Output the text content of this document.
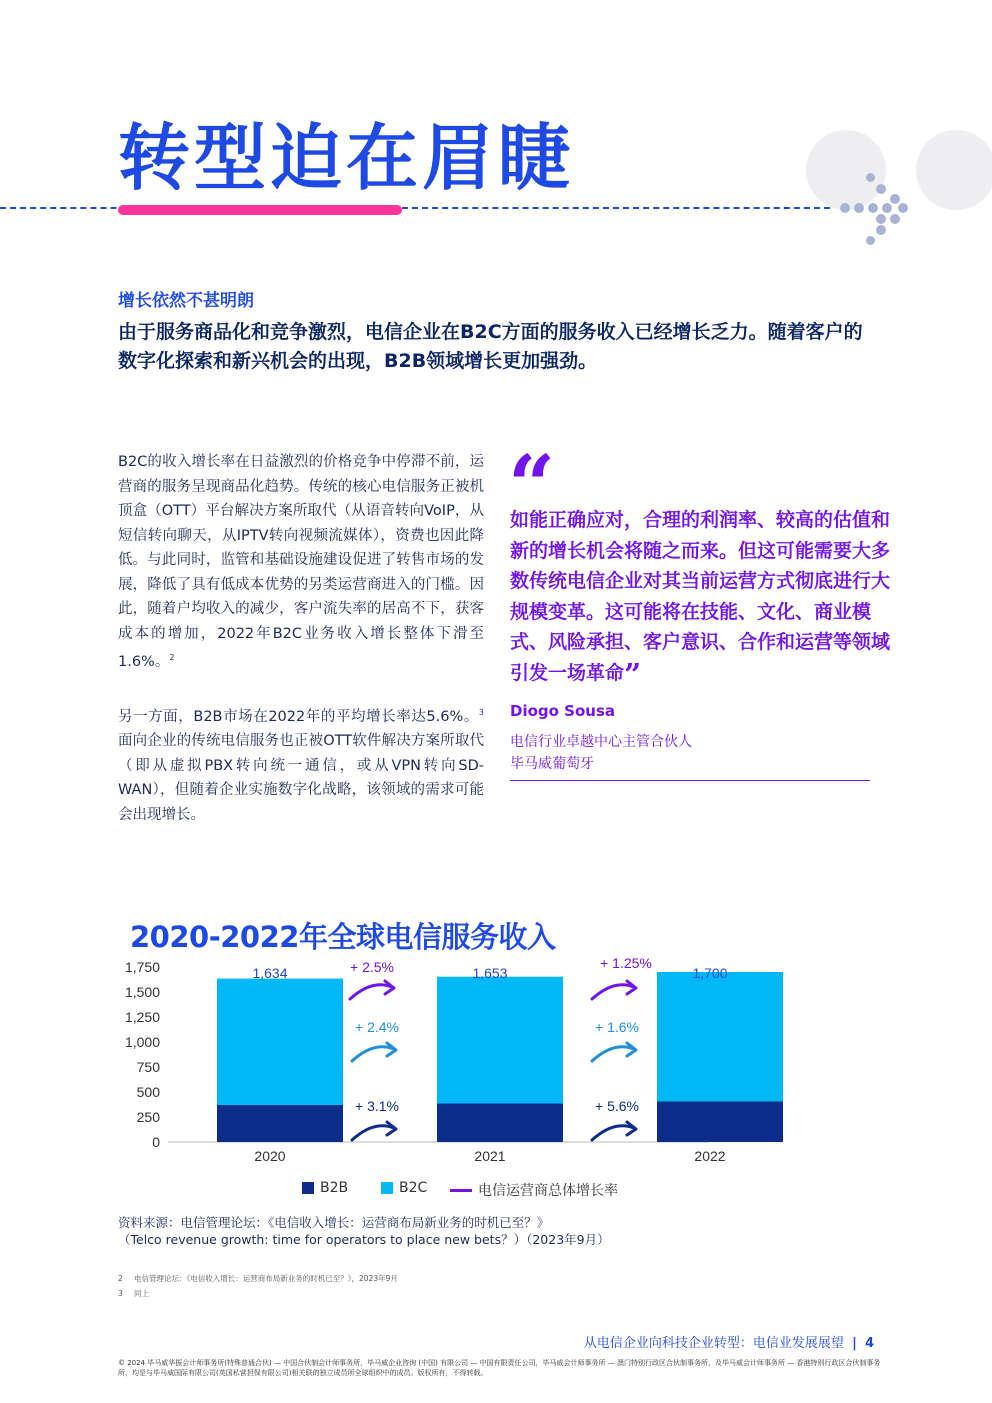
转型迫在眉睫
增长依然不甚明朗
由于服务商品化和竞争激烈，电信企业在B2C方面的服务收入已经增长乏力。随着客户的数字化探索和新兴机会的出现，B2B领域增长更加强劲。
B2C的收入增长率在日益激烈的价格竞争中停滞不前，运营商的服务呈现商品化趋势。传统的核心电信服务正被机顶盒（OTT）平台解决方案所取代（从语音转向VoIP，从短信转向聊天，从IPTV转向视频流媒体），资费也因此降低。与此同时，监管和基础设施建设促进了转售市场的发展，降低了具有低成本优势的另类运营商进入的门槛。因此，随着户均收入的减少，客户流失率的居高不下，获客成本的增加，2022年B2C业务收入增长整体下滑至1.6%。$^2$
另一方面，B2B市场在2022年的平均增长率达5.6%。$^3$面向企业的传统电信服务也正被OTT软件解决方案所取代（即从虚拟PBX转向统一通信，或从VPN转向SD-WAN），但随着企业实施数字化战略，该领域的需求可能会出现增长。
“
如能正确应对，合理的利润率、较高的估值和新的增长机会将随之而来。但这可能需要大多数传统电信企业对其当前运营方式彻底进行大规模变革。这可能将在技能、文化、商业模式、风险承担、客户意识、合作和运营等领域引发一场革命”
Diogo Sousa
电信行业卓越中心主管合伙人
毕马威葡萄牙
2020-2022年全球电信服务收入
0
250
500
750
1,000
1,250
1,500
1,750	1,634
2020
1,653
2021
1,700
2022
+ 2.5%
+ 2.4%
+ 3.1%
+ 1.25%
+ 1.6%
+ 5.6%
B2B	B2C	电信运营商总体增长率
资料来源：电信管理论坛：《电信收入增长：运营商布局新业务的时机已至？》
（Telco revenue growth: time for operators to place new bets？）（2023年9月）
2 电信管理论坛：《电信收入增长：运营商布局新业务的时机已至？》，2023年9月
3 同上
从电信企业向科技企业转型：电信业发展展望 | 4
© 2024 毕马威华振会计师事务所(特殊普通合伙) — 中国合伙制会计师事务所，毕马威企业咨询 (中国) 有限公司 — 中国有限责任公司，毕马威会计师事务所 — 澳门特别行政区合伙制事务所，及毕马威会计师事务所 — 香港特别行政区合伙制事务所，均是与毕马威国际有限公司(英国私营担保有限公司)相关联的独立成员所全球组织中的成员。版权所有，不得转载。
